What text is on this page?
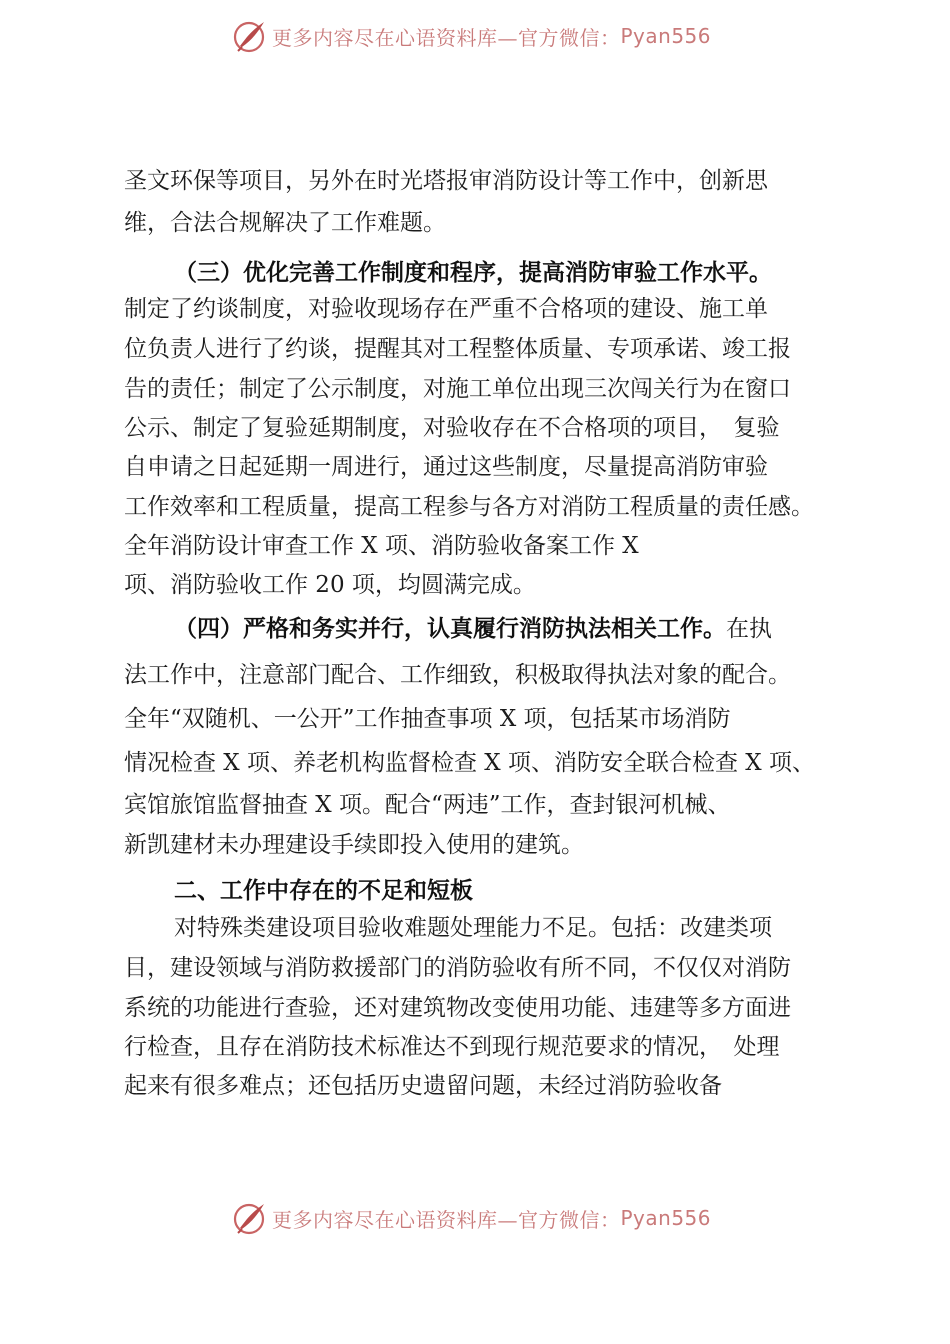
更多内容尽在心语资料库—官方微信： Pyan556
圣文环保等项目，另外在时光塔报审消防设计等工作中，创新思
维，合法合规解决了工作难题。
（三）优化完善工作制度和程序，提高消防审验工作水平。
制定了约谈制度，对验收现场存在严重不合格项的建设、施工单
位负责人进行了约谈，提醒其对工程整体质量、专项承诺、竣工报
告的责任；制定了公示制度，对施工单位出现三次闯关行为在窗口
公示、制定了复验延期制度，对验收存在不合格项的项目，　复验
自申请之日起延期一周进行，通过这些制度，尽量提高消防审验
工作效率和工程质量，提高工程参与各方对消防工程质量的责任感。
全年消防设计审查工作 X 项、消防验收备案工作 X
项、消防验收工作 20 项，均圆满完成。
（四）严格和务实并行，认真履行消防执法相关工作。在执
法工作中，注意部门配合、工作细致，积极取得执法对象的配合。
全年“双随机、一公开”工作抽查事项 X 项，包括某市场消防
情况检查 X 项、养老机构监督检查 X 项、消防安全联合检查 X 项、
宾馆旅馆监督抽查 X 项。配合“两违”工作，查封银河机械、
新凯建材未办理建设手续即投入使用的建筑。
二、工作中存在的不足和短板
对特殊类建设项目验收难题处理能力不足。包括：改建类项
目，建设领域与消防救援部门的消防验收有所不同，不仅仅对消防
系统的功能进行查验，还对建筑物改变使用功能、违建等多方面进
行检查，且存在消防技术标准达不到现行规范要求的情况，　处理
起来有很多难点；还包括历史遗留问题，未经过消防验收备
更多内容尽在心语资料库—官方微信： Pyan556
